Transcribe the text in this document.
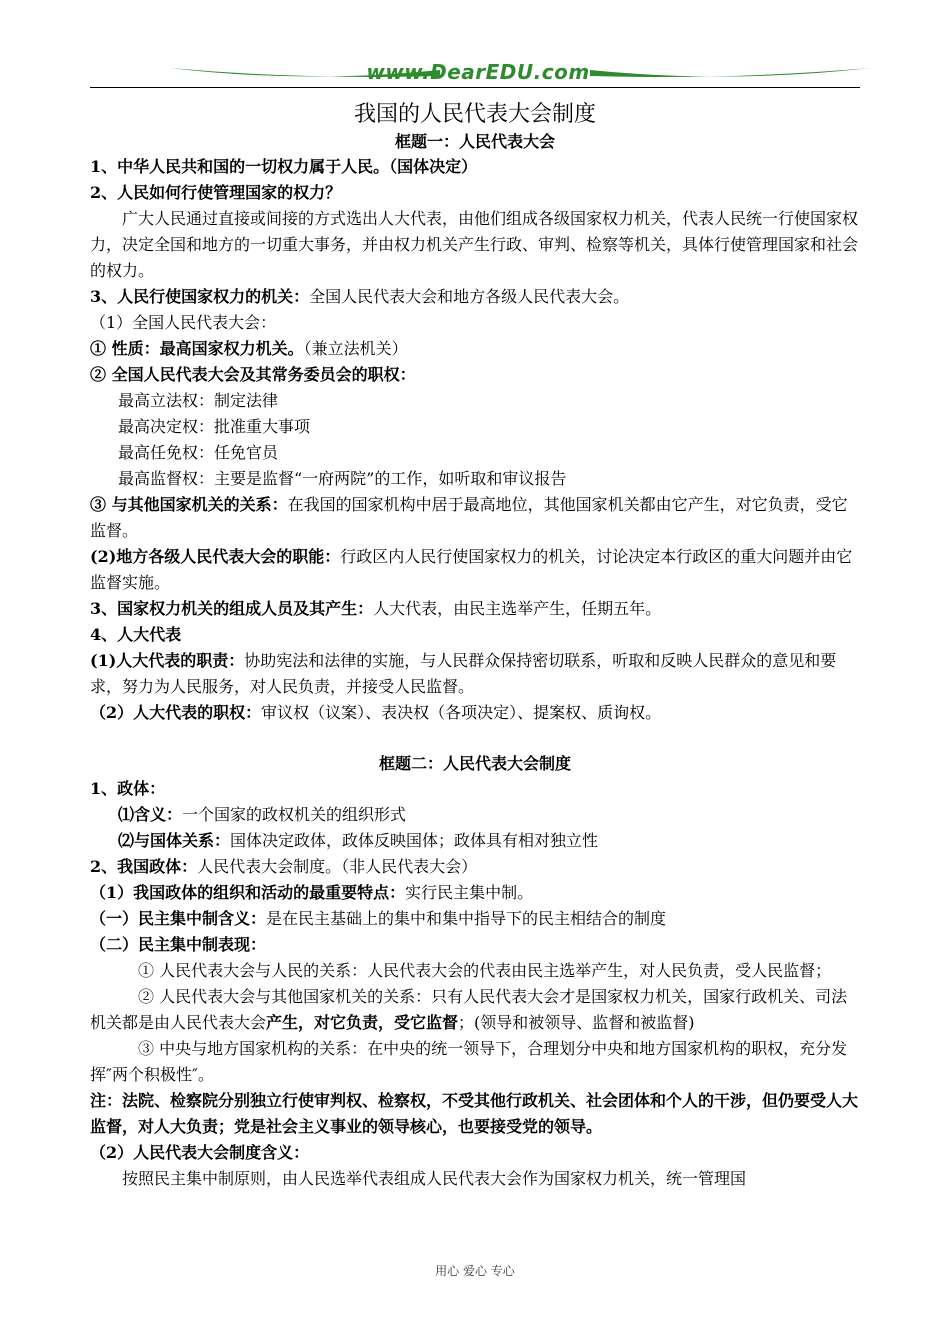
www.DearEDU.com

我国的人民代表大会制度

框题一：人民代表大会

1、中华人民共和国的一切权力属于人民。（国体决定）

2、人民如何行使管理国家的权力？

广大人民通过直接或间接的方式选出人大代表，由他们组成各级国家权力机关，代表人民统一行使国家权力，决定全国和地方的一切重大事务，并由权力机关产生行政、审判、检察等机关，具体行使管理国家和社会的权力。

3、人民行使国家权力的机关：全国人民代表大会和地方各级人民代表大会。

（1）全国人民代表大会：

① 性质：最高国家权力机关。（兼立法机关）

② 全国人民代表大会及其常务委员会的职权：

最高立法权：制定法律

最高决定权：批准重大事项

最高任免权：任免官员

最高监督权：主要是监督“一府两院”的工作，如听取和审议报告

③ 与其他国家机关的关系：在我国的国家机构中居于最高地位，其他国家机关都由它产生，对它负责，受它监督。

(2)地方各级人民代表大会的职能：行政区内人民行使国家权力的机关，讨论决定本行政区的重大问题并由它监督实施。

3、国家权力机关的组成人员及其产生：人大代表，由民主选举产生，任期五年。

4、人大代表

(1)人大代表的职责：协助宪法和法律的实施，与人民群众保持密切联系，听取和反映人民群众的意见和要求，努力为人民服务，对人民负责，并接受人民监督。

（2）人大代表的职权：审议权（议案）、表决权（各项决定）、提案权、质询权。

框题二：人民代表大会制度

1、政体：

⑴含义：一个国家的政权机关的组织形式

⑵与国体关系：国体决定政体，政体反映国体；政体具有相对独立性

2、我国政体：人民代表大会制度。（非人民代表大会）

（1）我国政体的组织和活动的最重要特点：实行民主集中制。

（一）民主集中制含义：是在民主基础上的集中和集中指导下的民主相结合的制度

（二）民主集中制表现：

① 人民代表大会与人民的关系：人民代表大会的代表由民主选举产生，对人民负责，受人民监督；

② 人民代表大会与其他国家机关的关系：只有人民代表大会才是国家权力机关，国家行政机关、司法机关都是由人民代表大会产生，对它负责，受它监督；(领导和被领导、监督和被监督)

③ 中央与地方国家机构的关系：在中央的统一领导下，合理划分中央和地方国家机构的职权，充分发挥″两个积极性″。

注：法院、检察院分别独立行使审判权、检察权，不受其他行政机关、社会团体和个人的干涉，但仍要受人大监督，对人大负责；党是社会主义事业的领导核心，也要接受党的领导。

（2）人民代表大会制度含义：

按照民主集中制原则，由人民选举代表组成人民代表大会作为国家权力机关，统一管理国

用心 爱心 专心
